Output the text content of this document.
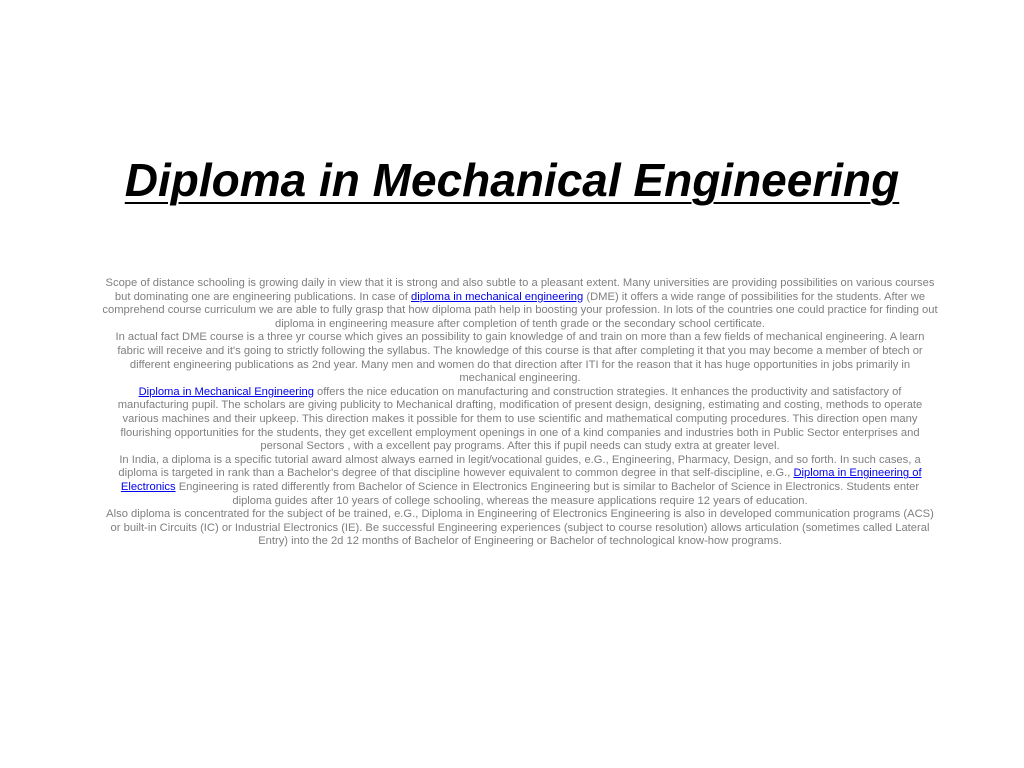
Diploma in Mechanical Engineering

Scope of distance schooling is growing daily in view that it is strong and also subtle to a pleasant extent. Many universities are providing possibilities on various courses but dominating one are engineering publications. In case of diploma in mechanical engineering (DME) it offers a wide range of possibilities for the students. After we comprehend course curriculum we are able to fully grasp that how diploma path help in boosting your profession. In lots of the countries one could practice for finding out diploma in engineering measure after completion of tenth grade or the secondary school certificate.

In actual fact DME course is a three yr course which gives an possibility to gain knowledge of and train on more than a few fields of mechanical engineering. A learn fabric will receive and it's going to strictly following the syllabus. The knowledge of this course is that after completing it that you may become a member of btech or different engineering publications as 2nd year. Many men and women do that direction after ITI for the reason that it has huge opportunities in jobs primarily in mechanical engineering.

Diploma in Mechanical Engineering offers the nice education on manufacturing and construction strategies. It enhances the productivity and satisfactory of manufacturing pupil. The scholars are giving publicity to Mechanical drafting, modification of present design, designing, estimating and costing, methods to operate various machines and their upkeep. This direction makes it possible for them to use scientific and mathematical computing procedures. This direction open many flourishing opportunities for the students, they get excellent employment openings in one of a kind companies and industries both in Public Sector enterprises and personal Sectors , with a excellent pay programs. After this if pupil needs can study extra at greater level.

In India, a diploma is a specific tutorial award almost always earned in legit/vocational guides, e.G., Engineering, Pharmacy, Design, and so forth. In such cases, a diploma is targeted in rank than a Bachelor's degree of that discipline however equivalent to common degree in that self-discipline, e.G., Diploma in Engineering of Electronics Engineering is rated differently from Bachelor of Science in Electronics Engineering but is similar to Bachelor of Science in Electronics. Students enter diploma guides after 10 years of college schooling, whereas the measure applications require 12 years of education.

Also diploma is concentrated for the subject of be trained, e.G., Diploma in Engineering of Electronics Engineering is also in developed communication programs (ACS) or built-in Circuits (IC) or Industrial Electronics (IE). Be successful Engineering experiences (subject to course resolution) allows articulation (sometimes called Lateral Entry) into the 2d 12 months of Bachelor of Engineering or Bachelor of technological know-how programs.
